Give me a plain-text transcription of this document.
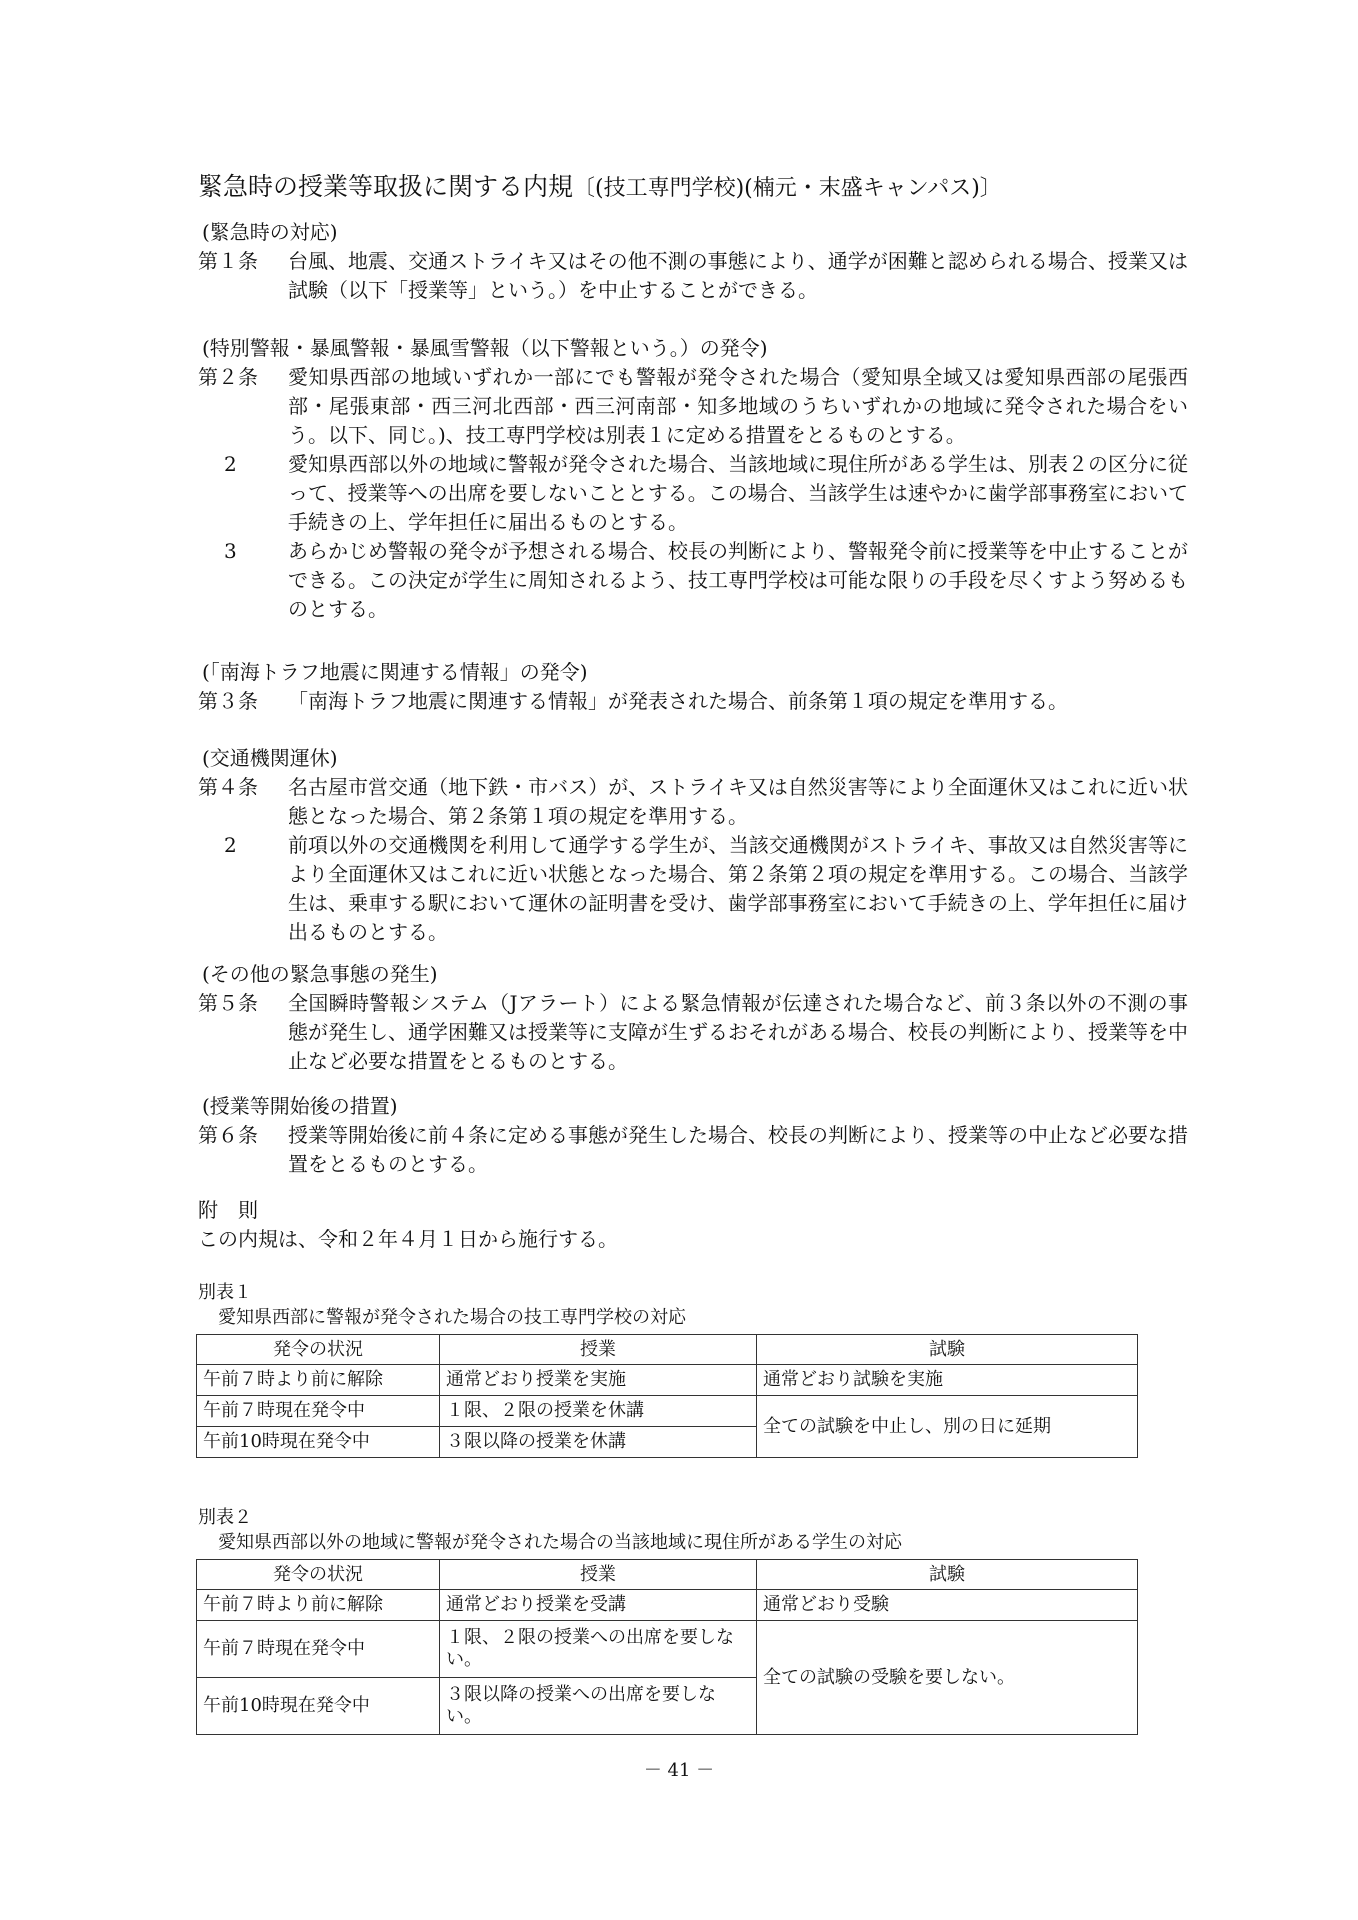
緊急時の授業等取扱に関する内規〔(技工専門学校)(楠元・末盛キャンパス)〕
(緊急時の対応)
第１条 台風、地震、交通ストライキ又はその他不測の事態により、通学が困難と認められる場合、授業又は試験（以下「授業等」という。）を中止することができる。
(特別警報・暴風警報・暴風雪警報（以下警報という。）の発令)
第２条 愛知県西部の地域いずれか一部にでも警報が発令された場合（愛知県全域又は愛知県西部の尾張西部・尾張東部・西三河北西部・西三河南部・知多地域のうちいずれかの地域に発令された場合をいう。以下、同じ。)、技工専門学校は別表１に定める措置をとるものとする。
2	愛知県西部以外の地域に警報が発令された場合、当該地域に現住所がある学生は、別表２の区分に従って、授業等への出席を要しないこととする。この場合、当該学生は速やかに歯学部事務室において手続きの上、学年担任に届出るものとする。
3	あらかじめ警報の発令が予想される場合、校長の判断により、警報発令前に授業等を中止することができる。この決定が学生に周知されるよう、技工専門学校は可能な限りの手段を尽くすよう努めるものとする。
(「南海トラフ地震に関連する情報」の発令)
第３条 「南海トラフ地震に関連する情報」が発表された場合、前条第１項の規定を準用する。
(交通機関運休)
第４条 名古屋市営交通（地下鉄・市バス）が、ストライキ又は自然災害等により全面運休又はこれに近い状態となった場合、第２条第１項の規定を準用する。
2	前項以外の交通機関を利用して通学する学生が、当該交通機関がストライキ、事故又は自然災害等により全面運休又はこれに近い状態となった場合、第２条第２項の規定を準用する。この場合、当該学生は、乗車する駅において運休の証明書を受け、歯学部事務室において手続きの上、学年担任に届け出るものとする。
(その他の緊急事態の発生)
第５条 全国瞬時警報システム（Jアラート）による緊急情報が伝達された場合など、前３条以外の不測の事態が発生し、通学困難又は授業等に支障が生ずるおそれがある場合、校長の判断により、授業等を中止など必要な措置をとるものとする。
(授業等開始後の措置)
第６条 授業等開始後に前４条に定める事態が発生した場合、校長の判断により、授業等の中止など必要な措置をとるものとする。
附　則
この内規は、令和２年４月１日から施行する。
別表１
愛知県西部に警報が発令された場合の技工専門学校の対応
発令の状況	授業	試験
午前７時より前に解除	通常どおり授業を実施	通常どおり試験を実施
午前７時現在発令中	１限、２限の授業を休講	全ての試験を中止し、別の日に延期
午前10時現在発令中	３限以降の授業を休講	
別表２
愛知県西部以外の地域に警報が発令された場合の当該地域に現住所がある学生の対応
発令の状況	授業	試験
午前７時より前に解除	通常どおり授業を受講	通常どおり受験
午前７時現在発令中	１限、２限の授業への出席を要しない。	全ての試験の受験を要しない。
午前10時現在発令中	３限以降の授業への出席を要しない。	
－ 41 －
